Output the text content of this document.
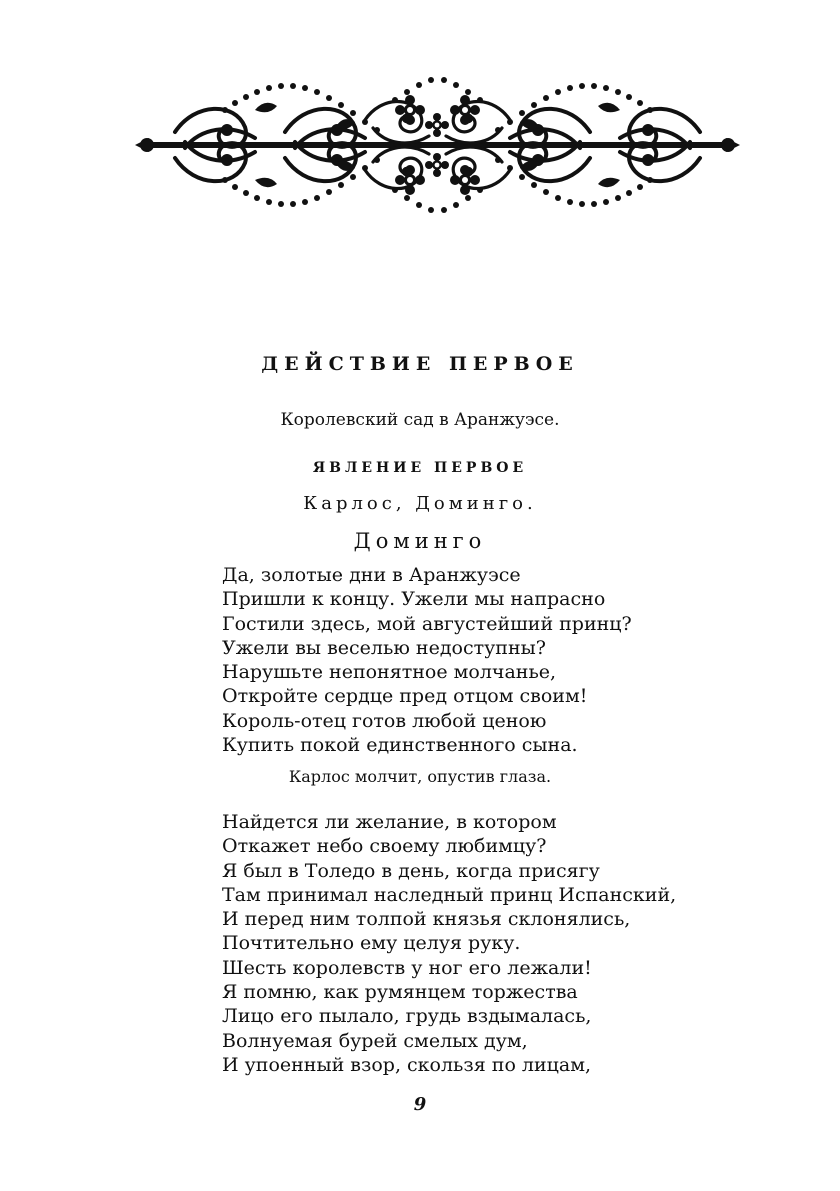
ДЕЙСТВИЕ ПЕРВОЕ
Королевский сад в Аранжуэсе.
ЯВЛЕНИЕ ПЕРВОЕ
Карлос, Доминго.
Доминго
Да, золотые дни в Аранжуэсе
Пришли к концу. Ужели мы напрасно
Гостили здесь, мой августейший принц?
Ужели вы веселью недоступны?
Нарушьте непонятное молчанье,
Откройте сердце пред отцом своим!
Король-отец готов любой ценою
Купить покой единственного сына.
Карлос молчит, опустив глаза.
Найдется ли желание, в котором
Откажет небо своему любимцу?
Я был в Толедо в день, когда присягу
Там принимал наследный принц Испанский,
И перед ним толпой князья склонялись,
Почтительно ему целуя руку.
Шесть королевств у ног его лежали!
Я помню, как румянцем торжества
Лицо его пылало, грудь вздымалась,
Волнуемая бурей смелых дум,
И упоенный взор, скользя по лицам,
9
